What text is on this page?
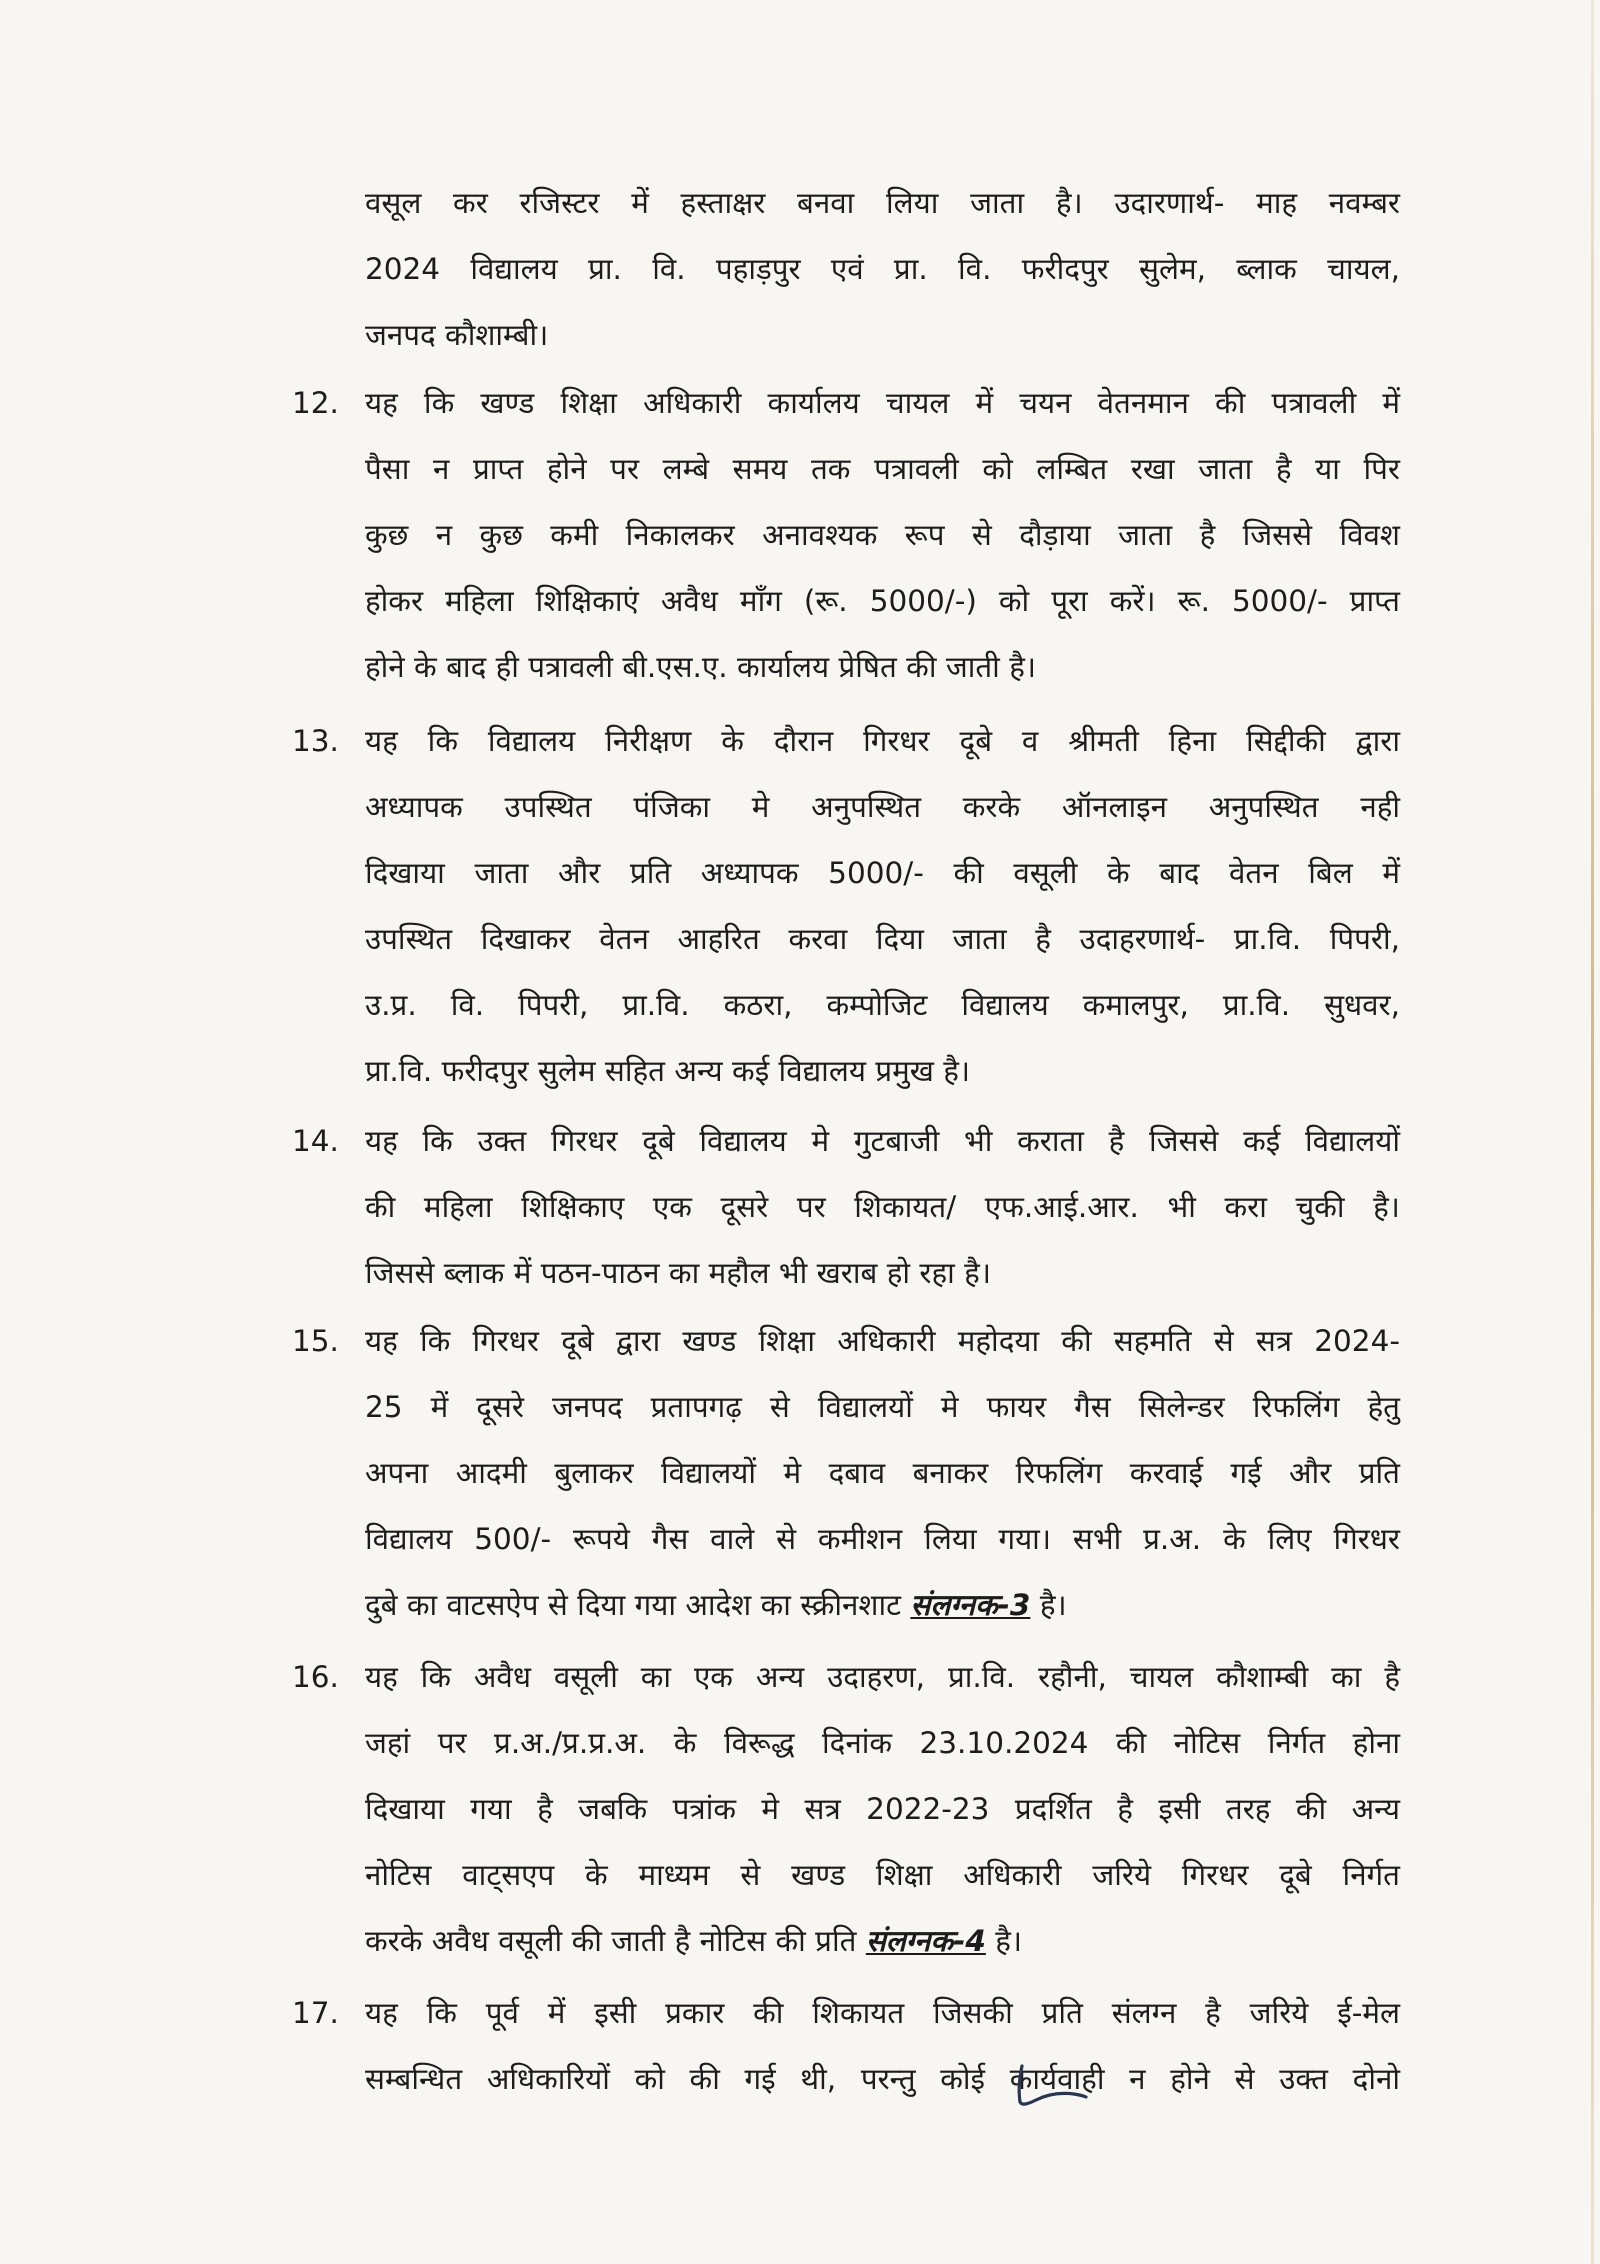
वसूल कर रजिस्टर में हस्ताक्षर बनवा लिया जाता है। उदारणार्थ- माह नवम्बर
2024 विद्यालय प्रा. वि. पहाड़पुर एवं प्रा. वि. फरीदपुर सुलेम, ब्लाक चायल,
जनपद कौशाम्बी।
12. यह कि खण्ड शिक्षा अधिकारी कार्यालय चायल में चयन वेतनमान की पत्रावली में
पैसा न प्राप्त होने पर लम्बे समय तक पत्रावली को लम्बित रखा जाता है या पिर
कुछ न कुछ कमी निकालकर अनावश्यक रूप से दौड़ाया जाता है जिससे विवश
होकर महिला शिक्षिकाएं अवैध माँग (रू. 5000/-) को पूरा करें। रू. 5000/- प्राप्त
होने के बाद ही पत्रावली बी.एस.ए. कार्यालय प्रेषित की जाती है।
13. यह कि विद्यालय निरीक्षण के दौरान गिरधर दूबे व श्रीमती हिना सिद्दीकी द्वारा
अध्यापक उपस्थित पंजिका मे अनुपस्थित करके ऑनलाइन अनुपस्थित नही
दिखाया जाता और प्रति अध्यापक 5000/- की वसूली के बाद वेतन बिल में
उपस्थित दिखाकर वेतन आहरित करवा दिया जाता है उदाहरणार्थ- प्रा.वि. पिपरी,
उ.प्र. वि. पिपरी, प्रा.वि. कठरा, कम्पोजिट विद्यालय कमालपुर, प्रा.वि. सुधवर,
प्रा.वि. फरीदपुर सुलेम सहित अन्य कई विद्यालय प्रमुख है।
14. यह कि उक्त गिरधर दूबे विद्यालय मे गुटबाजी भी कराता है जिससे कई विद्यालयों
की महिला शिक्षिकाए एक दूसरे पर शिकायत/ एफ.आई.आर. भी करा चुकी है।
जिससे ब्लाक में पठन-पाठन का महौल भी खराब हो रहा है।
15. यह कि गिरधर दूबे द्वारा खण्ड शिक्षा अधिकारी महोदया की सहमति से सत्र 2024-
25 में दूसरे जनपद प्रतापगढ़ से विद्यालयों मे फायर गैस सिलेन्डर रिफलिंग हेतु
अपना आदमी बुलाकर विद्यालयों मे दबाव बनाकर रिफलिंग करवाई गई और प्रति
विद्यालय 500/- रूपये गैस वाले से कमीशन लिया गया। सभी प्र.अ. के लिए गिरधर
दुबे का वाटसऐप से दिया गया आदेश का स्क्रीनशाट संलग्नक-3 है।
16. यह कि अवैध वसूली का एक अन्य उदाहरण, प्रा.वि. रहौनी, चायल कौशाम्बी का है
जहां पर प्र.अ./प्र.प्र.अ. के विरूद्ध दिनांक 23.10.2024 की नोटिस निर्गत होना
दिखाया गया है जबकि पत्रांक मे सत्र 2022-23 प्रदर्शित है इसी तरह की अन्य
नोटिस वाट्सएप के माध्यम से खण्ड शिक्षा अधिकारी जरिये गिरधर दूबे निर्गत
करके अवैध वसूली की जाती है नोटिस की प्रति संलग्नक-4 है।
17. यह कि पूर्व में इसी प्रकार की शिकायत जिसकी प्रति संलग्न है जरिये ई-मेल
सम्बन्धित अधिकारियों को की गई थी, परन्तु कोई कार्यवाही न होने से उक्त दोनो
